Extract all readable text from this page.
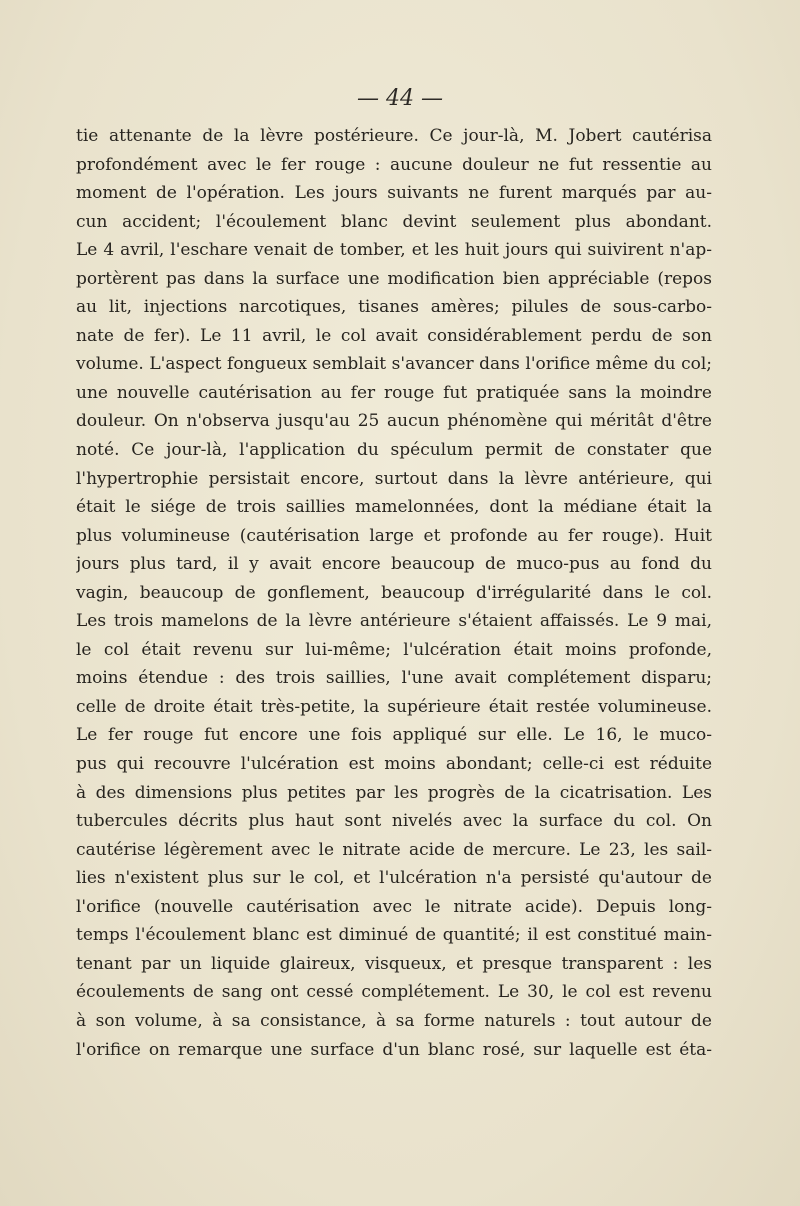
— 44 —
tie attenante de la lèvre postérieure. Ce jour-là, M. Jobert cautérisa
profondément avec le fer rouge : aucune douleur ne fut ressentie au
moment de l'opération. Les jours suivants ne furent marqués par au-
cun accident; l'écoulement blanc devint seulement plus abondant.
Le 4 avril, l'eschare venait de tomber, et les huit jours qui suivirent n'ap-
portèrent pas dans la surface une modification bien appréciable (repos
au lit, injections narcotiques, tisanes amères; pilules de sous-carbo-
nate de fer). Le 11 avril, le col avait considérablement perdu de son
volume. L'aspect fongueux semblait s'avancer dans l'orifice même du col;
une nouvelle cautérisation au fer rouge fut pratiquée sans la moindre
douleur. On n'observa jusqu'au 25 aucun phénomène qui méritât d'être
noté. Ce jour-là, l'application du spéculum permit de constater que
l'hypertrophie persistait encore, surtout dans la lèvre antérieure, qui
était le siége de trois saillies mamelonnées, dont la médiane était la
plus volumineuse (cautérisation large et profonde au fer rouge). Huit
jours plus tard, il y avait encore beaucoup de muco-pus au fond du
vagin, beaucoup de gonflement, beaucoup d'irrégularité dans le col.
Les trois mamelons de la lèvre antérieure s'étaient affaissés. Le 9 mai,
le col était revenu sur lui-même; l'ulcération était moins profonde,
moins étendue : des trois saillies, l'une avait complétement disparu;
celle de droite était très-petite, la supérieure était restée volumineuse.
Le fer rouge fut encore une fois appliqué sur elle. Le 16, le muco-
pus qui recouvre l'ulcération est moins abondant; celle-ci est réduite
à des dimensions plus petites par les progrès de la cicatrisation. Les
tubercules décrits plus haut sont nivelés avec la surface du col. On
cautérise légèrement avec le nitrate acide de mercure. Le 23, les sail-
lies n'existent plus sur le col, et l'ulcération n'a persisté qu'autour de
l'orifice (nouvelle cautérisation avec le nitrate acide). Depuis long-
temps l'écoulement blanc est diminué de quantité; il est constitué main-
tenant par un liquide glaireux, visqueux, et presque transparent : les
écoulements de sang ont cessé complétement. Le 30, le col est revenu
à son volume, à sa consistance, à sa forme naturels : tout autour de
l'orifice on remarque une surface d'un blanc rosé, sur laquelle est éta-
